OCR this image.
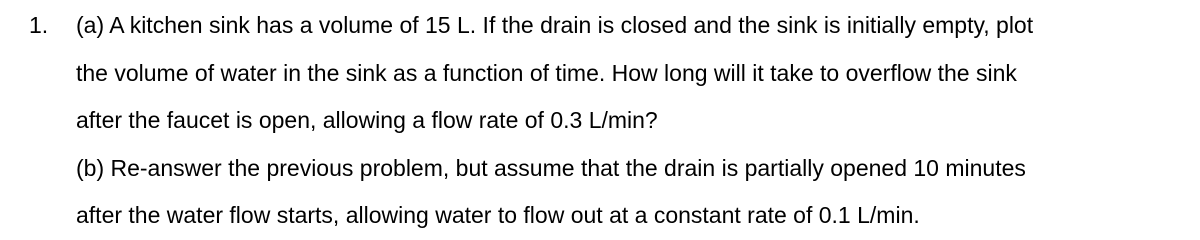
1. (a) A kitchen sink has a volume of 15 L. If the drain is closed and the sink is initially empty, plot
the volume of water in the sink as a function of time. How long will it take to overflow the sink
after the faucet is open, allowing a flow rate of 0.3 L/min?
(b) Re-answer the previous problem, but assume that the drain is partially opened 10 minutes
after the water flow starts, allowing water to flow out at a constant rate of 0.1 L/min.
